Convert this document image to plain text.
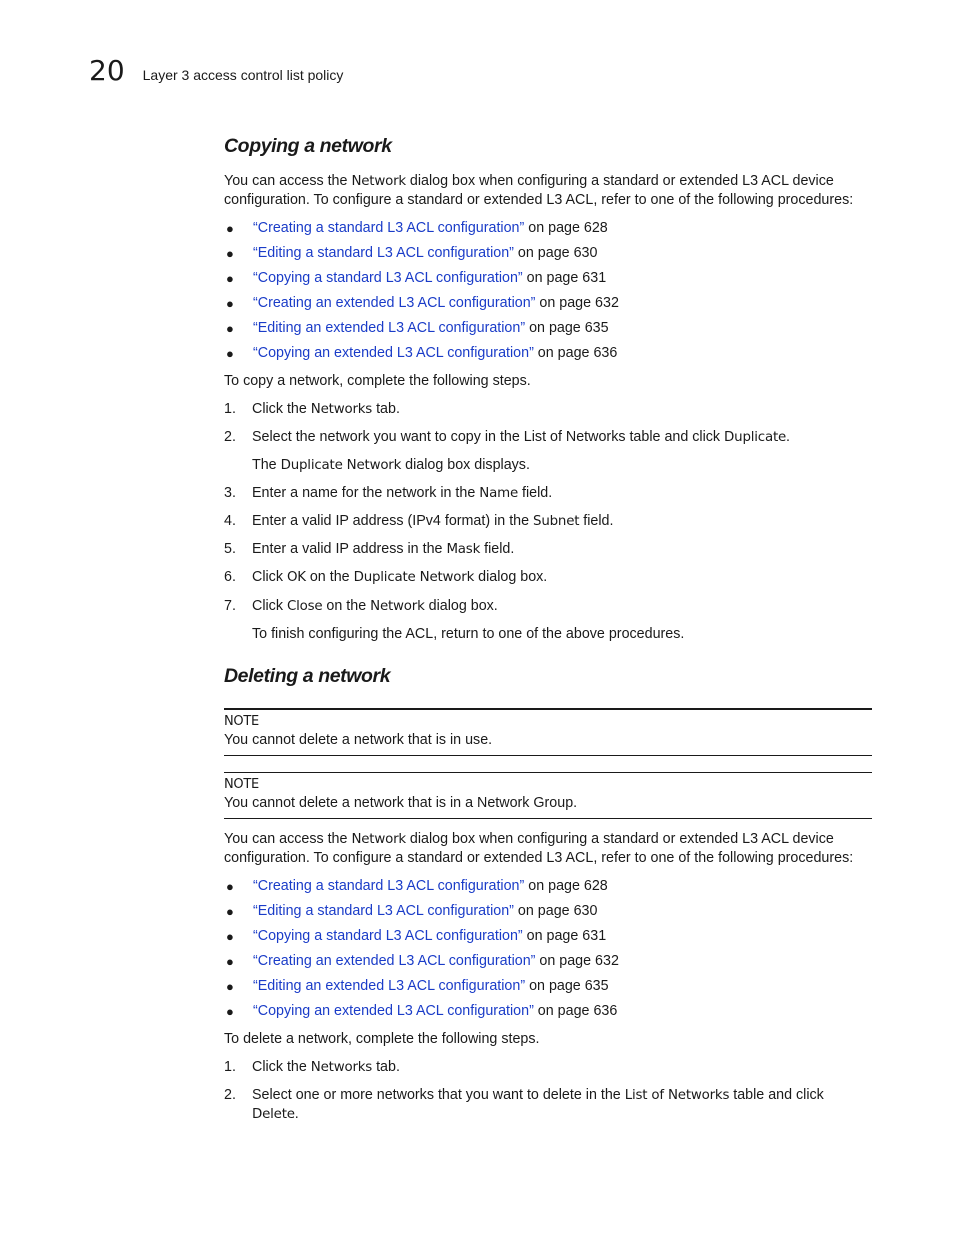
20 Layer 3 access control list policy
Copying a network

You can access the Network dialog box when configuring a standard or extended L3 ACL device configuration. To configure a standard or extended L3 ACL, refer to one of the following procedures:

● “Creating a standard L3 ACL configuration” on page 628
● “Editing a standard L3 ACL configuration” on page 630
● “Copying a standard L3 ACL configuration” on page 631
● “Creating an extended L3 ACL configuration” on page 632
● “Editing an extended L3 ACL configuration” on page 635
● “Copying an extended L3 ACL configuration” on page 636

To copy a network, complete the following steps.

1. Click the Networks tab.
2. Select the network you want to copy in the List of Networks table and click Duplicate.
The Duplicate Network dialog box displays.
3. Enter a name for the network in the Name field.
4. Enter a valid IP address (IPv4 format) in the Subnet field.
5. Enter a valid IP address in the Mask field.
6. Click OK on the Duplicate Network dialog box.
7. Click Close on the Network dialog box.
To finish configuring the ACL, return to one of the above procedures.
Deleting a network
NOTE
You cannot delete a network that is in use.
NOTE
You cannot delete a network that is in a Network Group.

You can access the Network dialog box when configuring a standard or extended L3 ACL device configuration. To configure a standard or extended L3 ACL, refer to one of the following procedures:

● “Creating a standard L3 ACL configuration” on page 628
● “Editing a standard L3 ACL configuration” on page 630
● “Copying a standard L3 ACL configuration” on page 631
● “Creating an extended L3 ACL configuration” on page 632
● “Editing an extended L3 ACL configuration” on page 635
● “Copying an extended L3 ACL configuration” on page 636

To delete a network, complete the following steps.

1. Click the Networks tab.
2. Select one or more networks that you want to delete in the List of Networks table and click Delete.
